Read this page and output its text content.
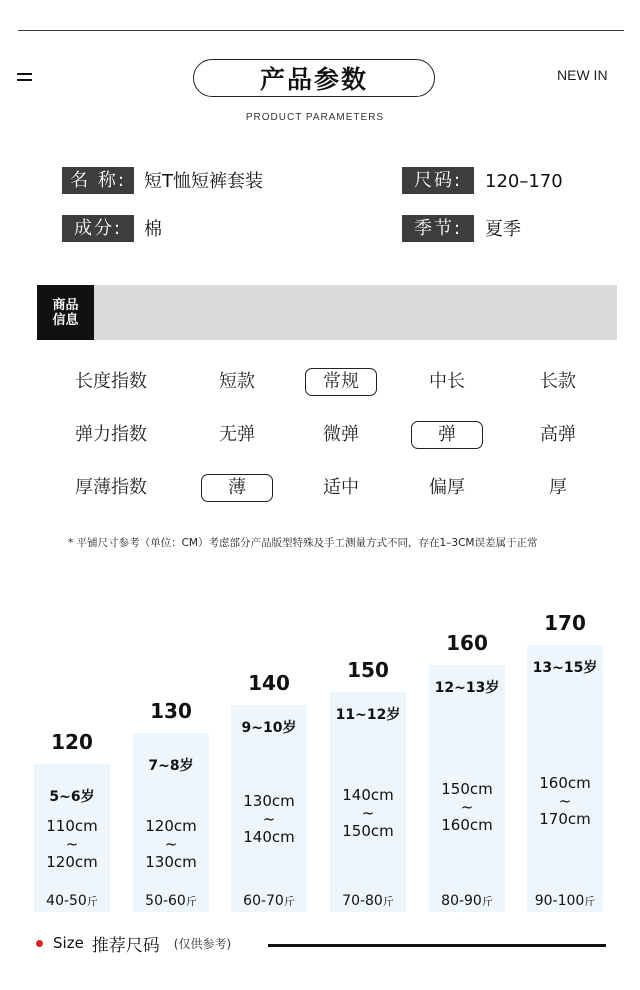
产品参数	NEW IN
PRODUCT PARAMETERS
名 称:	短T恤短裤套装	尺码:	120–170
成分:	棉	季节:	夏季
商品
信息
长度指数	短款	常规	中长	长款
弹力指数	无弹	微弹	弹	高弹
厚薄指数	薄	适中	偏厚	厚
* 平铺尺寸参考（单位：CM）考虑部分产品版型特殊及手工测量方式不同，存在1–3CM误差属于正常
120
5~6岁
110cm
~
120cm
40-50斤
130
7~8岁
120cm
~
130cm
50-60斤
140
9~10岁
130cm
~
140cm
60-70斤
150
11~12岁
140cm
~
150cm
70-80斤
160
12~13岁
150cm
~
160cm
80-90斤
170
13~15岁
160cm
~
170cm
90-100斤
Size 推荐尺码 (仅供参考)
